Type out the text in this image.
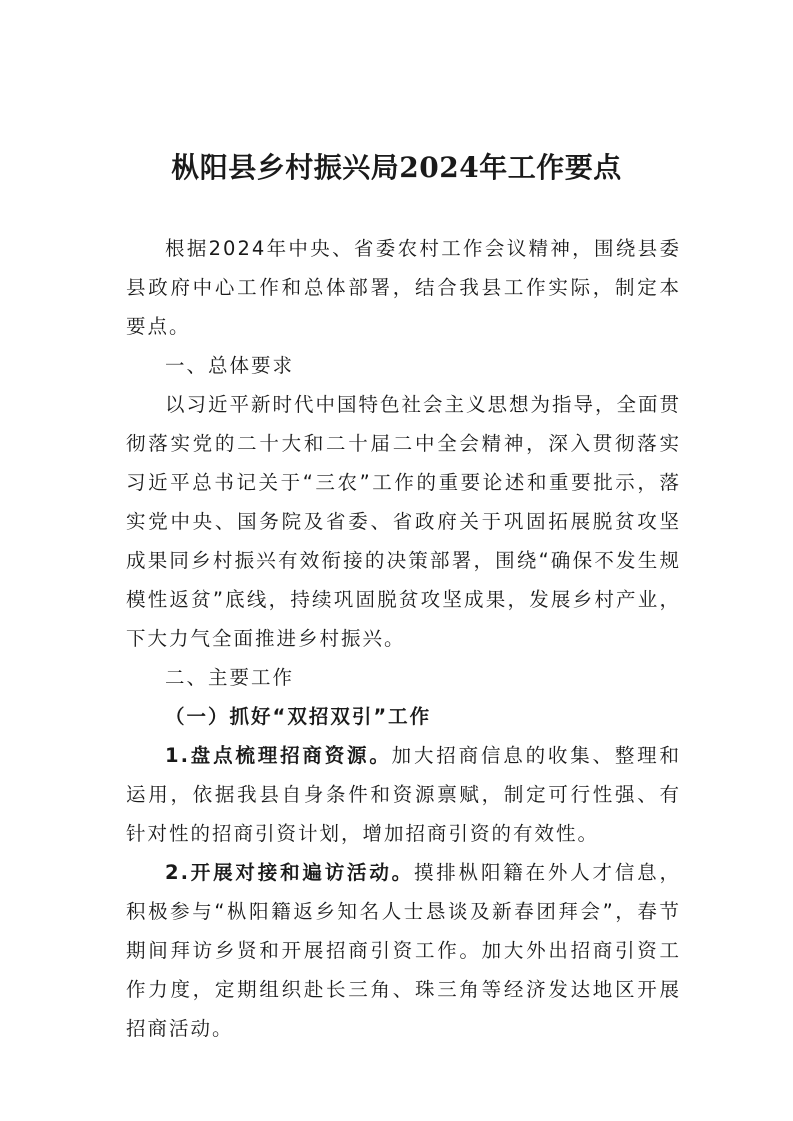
枞阳县乡村振兴局2024年工作要点

根据2024年中央、省委农村工作会议精神，围绕县委县政府中心工作和总体部署，结合我县工作实际，制定本要点。

一、总体要求

以习近平新时代中国特色社会主义思想为指导，全面贯彻落实党的二十大和二十届二中全会精神，深入贯彻落实习近平总书记关于“三农”工作的重要论述和重要批示，落实党中央、国务院及省委、省政府关于巩固拓展脱贫攻坚成果同乡村振兴有效衔接的决策部署，围绕“确保不发生规模性返贫”底线，持续巩固脱贫攻坚成果，发展乡村产业，下大力气全面推进乡村振兴。

二、主要工作

（一）抓好“双招双引”工作

1.盘点梳理招商资源。加大招商信息的收集、整理和运用，依据我县自身条件和资源禀赋，制定可行性强、有针对性的招商引资计划，增加招商引资的有效性。

2.开展对接和遍访活动。摸排枞阳籍在外人才信息，积极参与“枞阳籍返乡知名人士恳谈及新春团拜会”，春节期间拜访乡贤和开展招商引资工作。加大外出招商引资工作力度，定期组织赴长三角、珠三角等经济发达地区开展招商活动。
